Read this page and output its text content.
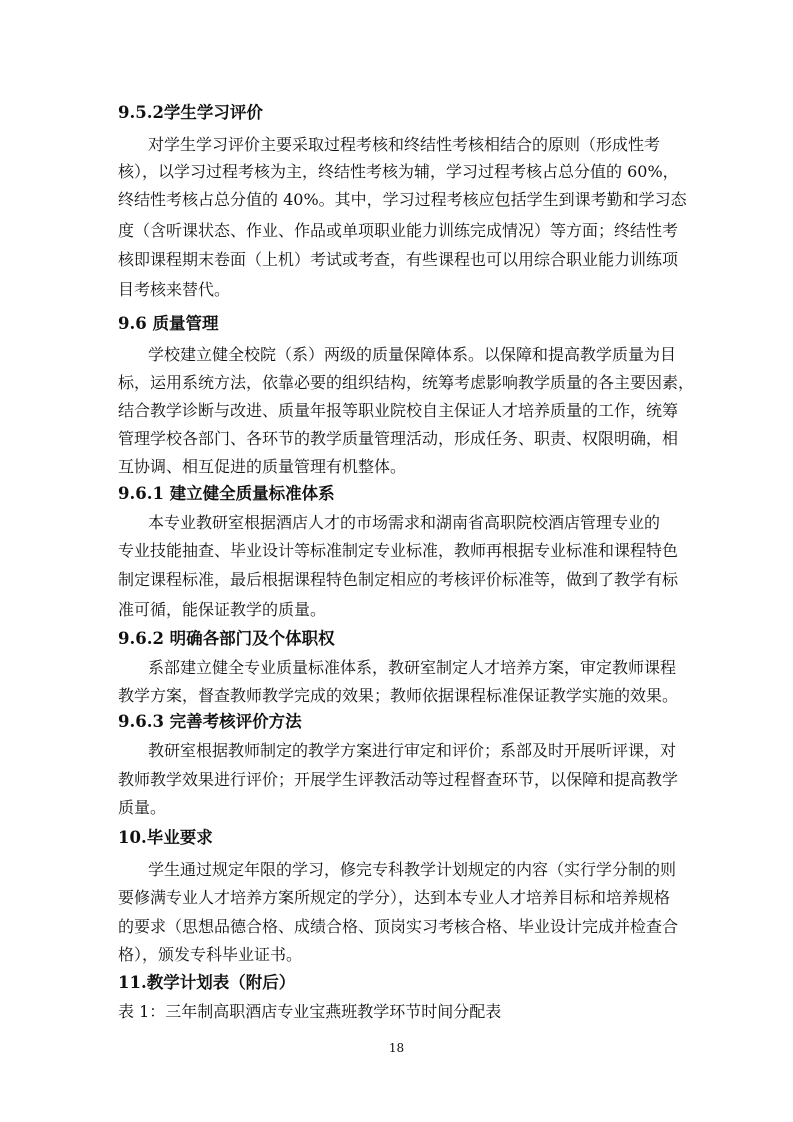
9.5.2学生学习评价
对学生学习评价主要采取过程考核和终结性考核相结合的原则（形成性考
核），以学习过程考核为主，终结性考核为辅，学习过程考核占总分值的 60%，
终结性考核占总分值的 40%。其中，学习过程考核应包括学生到课考勤和学习态
度（含听课状态、作业、作品或单项职业能力训练完成情况）等方面；终结性考
核即课程期末卷面（上机）考试或考查，有些课程也可以用综合职业能力训练项
目考核来替代。
9.6 质量管理
学校建立健全校院（系）两级的质量保障体系。以保障和提高教学质量为目
标，运用系统方法，依靠必要的组织结构，统筹考虑影响教学质量的各主要因素，
结合教学诊断与改进、质量年报等职业院校自主保证人才培养质量的工作，统筹
管理学校各部门、各环节的教学质量管理活动，形成任务、职责、权限明确，相
互协调、相互促进的质量管理有机整体。
9.6.1 建立健全质量标准体系
本专业教研室根据酒店人才的市场需求和湖南省高职院校酒店管理专业的
专业技能抽查、毕业设计等标准制定专业标准，教师再根据专业标准和课程特色
制定课程标准，最后根据课程特色制定相应的考核评价标准等，做到了教学有标
准可循，能保证教学的质量。
9.6.2 明确各部门及个体职权
系部建立健全专业质量标准体系，教研室制定人才培养方案，审定教师课程
教学方案，督查教师教学完成的效果；教师依据课程标准保证教学实施的效果。
9.6.3 完善考核评价方法
教研室根据教师制定的教学方案进行审定和评价；系部及时开展听评课，对
教师教学效果进行评价；开展学生评教活动等过程督查环节，以保障和提高教学
质量。
10.毕业要求
学生通过规定年限的学习，修完专科教学计划规定的内容（实行学分制的则
要修满专业人才培养方案所规定的学分），达到本专业人才培养目标和培养规格
的要求（思想品德合格、成绩合格、顶岗实习考核合格、毕业设计完成并检查合
格），颁发专科毕业证书。
11.教学计划表（附后）
表 1：三年制高职酒店专业宝燕班教学环节时间分配表
18
